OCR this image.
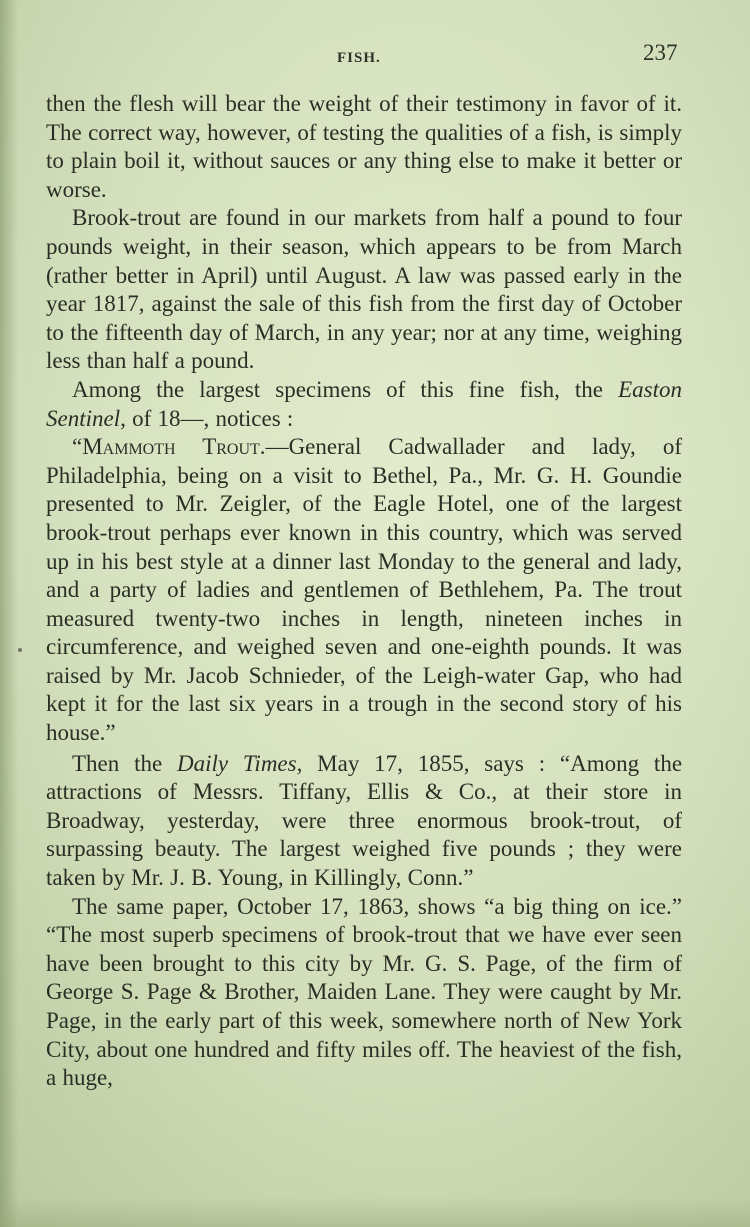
FISH.	237

then the flesh will bear the weight of their testimony in favor of it. The correct way, however, of testing the qualities of a fish, is simply to plain boil it, without sauces or any thing else to make it better or worse.

Brook-trout are found in our markets from half a pound to four pounds weight, in their season, which appears to be from March (rather better in April) until August. A law was passed early in the year 1817, against the sale of this fish from the first day of October to the fifteenth day of March, in any year; nor at any time, weighing less than half a pound.

Among the largest specimens of this fine fish, the Easton Sentinel, of 18—, notices :

“Mammoth Trout.—General Cadwallader and lady, of Philadelphia, being on a visit to Bethel, Pa., Mr. G. H. Goundie presented to Mr. Zeigler, of the Eagle Hotel, one of the largest brook-trout perhaps ever known in this country, which was served up in his best style at a dinner last Monday to the general and lady, and a party of ladies and gentlemen of Bethlehem, Pa. The trout measured twenty-two inches in length, nineteen inches in circumference, and weighed seven and one-eighth pounds. It was raised by Mr. Jacob Schnieder, of the Leigh-water Gap, who had kept it for the last six years in a trough in the second story of his house.”

Then the Daily Times, May 17, 1855, says : “Among the attractions of Messrs. Tiffany, Ellis & Co., at their store in Broadway, yesterday, were three enormous brook-trout, of surpassing beauty. The largest weighed five pounds ; they were taken by Mr. J. B. Young, in Killingly, Conn.”

The same paper, October 17, 1863, shows “a big thing on ice.” “The most superb specimens of brook-trout that we have ever seen have been brought to this city by Mr. G. S. Page, of the firm of George S. Page & Brother, Maiden Lane. They were caught by Mr. Page, in the early part of this week, somewhere north of New York City, about one hundred and fifty miles off. The heaviest of the fish, a huge,
